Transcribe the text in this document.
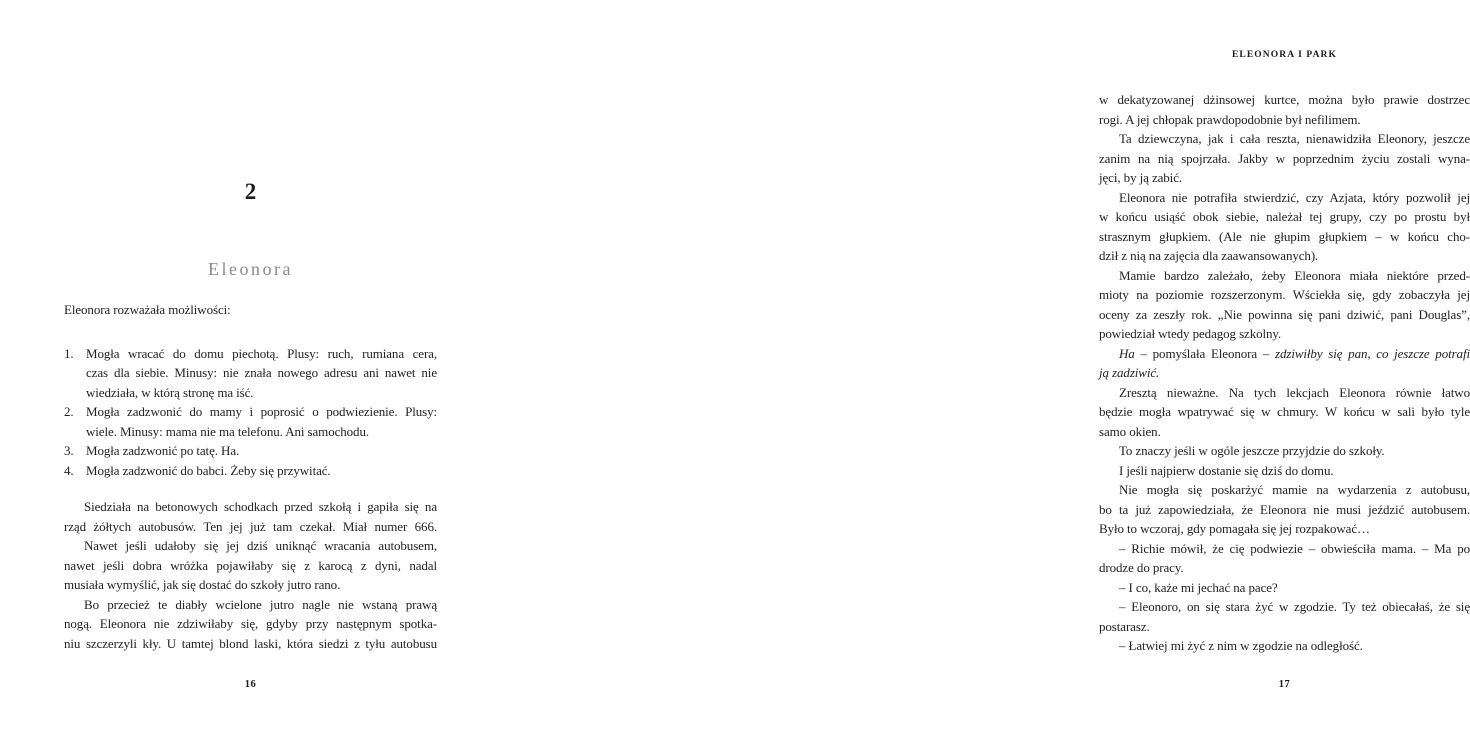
2
Eleonora
Eleonora rozważała możliwości:
1. Mogła wracać do domu piechotą. Plusy: ruch, rumiana cera,
czas dla siebie. Minusy: nie znała nowego adresu ani nawet nie
wiedziała, w którą stronę ma iść.
2. Mogła zadzwonić do mamy i poprosić o podwiezienie. Plusy:
wiele. Minusy: mama nie ma telefonu. Ani samochodu.
3. Mogła zadzwonić po tatę. Ha.
4. Mogła zadzwonić do babci. Żeby się przywitać.
Siedziała na betonowych schodkach przed szkołą i gapiła się na
rząd żółtych autobusów. Ten jej już tam czekał. Miał numer 666.
Nawet jeśli udałoby się jej dziś uniknąć wracania autobusem,
nawet jeśli dobra wróżka pojawiłaby się z karocą z dyni, nadal
musiała wymyślić, jak się dostać do szkoły jutro rano.
Bo przecież te diabły wcielone jutro nagle nie wstaną prawą
nogą. Eleonora nie zdziwiłaby się, gdyby przy następnym spotka-
niu szczerzyli kły. U tamtej blond laski, która siedzi z tyłu autobusu
16
ELEONORA I PARK
w dekatyzowanej dżinsowej kurtce, można było prawie dostrzec
rogi. A jej chłopak prawdopodobnie był nefilimem.
Ta dziewczyna, jak i cała reszta, nienawidziła Eleonory, jeszcze
zanim na nią spojrzała. Jakby w poprzednim życiu zostali wyna-
jęci, by ją zabić.
Eleonora nie potrafiła stwierdzić, czy Azjata, który pozwolił jej
w końcu usiąść obok siebie, należał tej grupy, czy po prostu był
strasznym głupkiem. (Ale nie głupim głupkiem – w końcu cho-
dził z nią na zajęcia dla zaawansowanych).
Mamie bardzo zależało, żeby Eleonora miała niektóre przed-
mioty na poziomie rozszerzonym. Wściekła się, gdy zobaczyła jej
oceny za zeszły rok. „Nie powinna się pani dziwić, pani Douglas”,
powiedział wtedy pedagog szkolny.
Ha – pomyślała Eleonora – zdziwiłby się pan, co jeszcze potrafi
ją zadziwić.
Zresztą nieważne. Na tych lekcjach Eleonora równie łatwo
będzie mogła wpatrywać się w chmury. W końcu w sali było tyle
samo okien.
To znaczy jeśli w ogóle jeszcze przyjdzie do szkoły.
I jeśli najpierw dostanie się dziś do domu.
Nie mogła się poskarżyć mamie na wydarzenia z autobusu,
bo ta już zapowiedziała, że Eleonora nie musi jeździć autobusem.
Było to wczoraj, gdy pomagała się jej rozpakować…
– Richie mówił, że cię podwiezie – obwieściła mama. – Ma po
drodze do pracy.
– I co, każe mi jechać na pace?
– Eleonoro, on się stara żyć w zgodzie. Ty też obiecałaś, że się
postarasz.
– Łatwiej mi żyć z nim w zgodzie na odległość.
17
